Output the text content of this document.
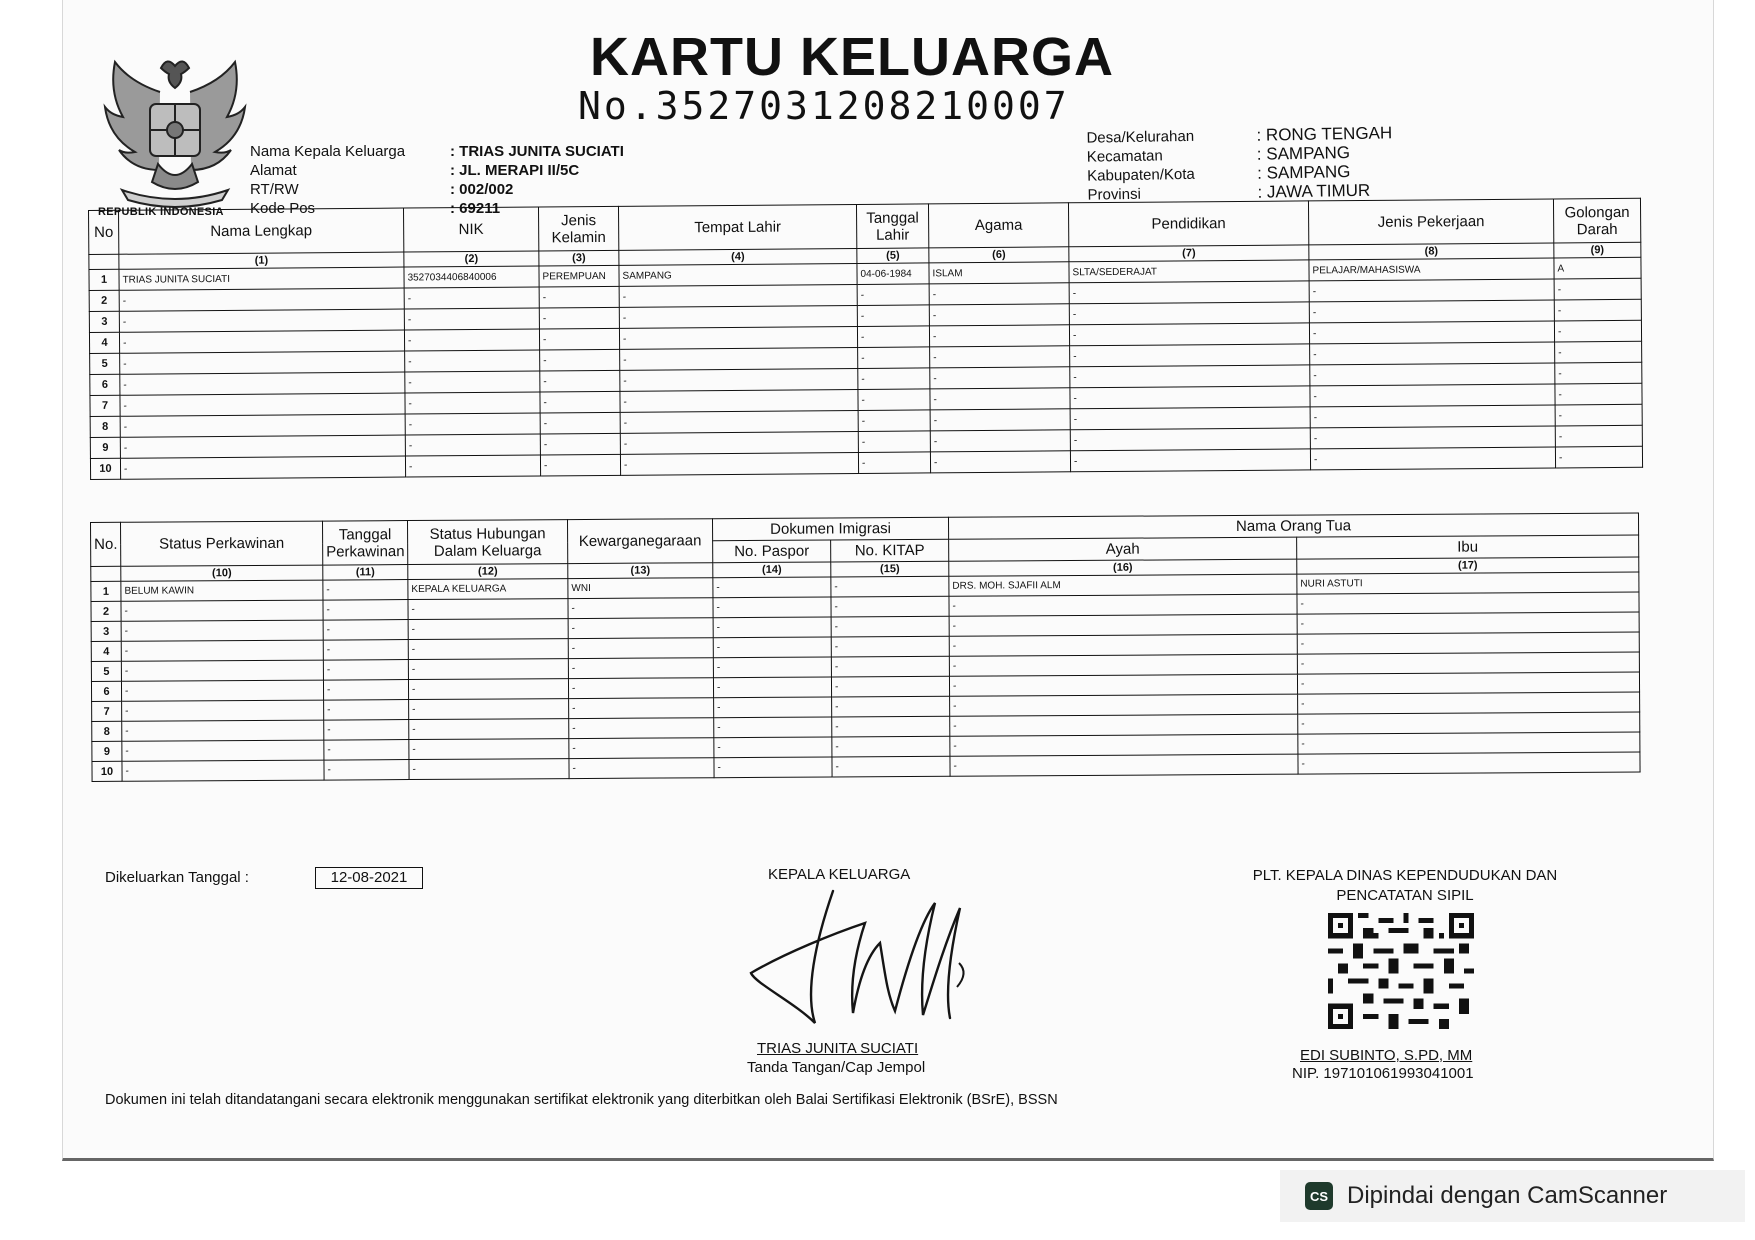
REPUBLIK INDONESIA
KARTU KELUARGA
No.3527031208210007
Nama Kepala Keluarga	: TRIAS JUNITA SUCIATI
Alamat	: JL. MERAPI II/5C
RT/RW	: 002/002
Kode Pos	: 69211
Desa/Kelurahan	: RONG TENGAH
Kecamatan	: SAMPANG
Kabupaten/Kota	: SAMPANG
Provinsi	: JAWA TIMUR
No	Nama Lengkap	NIK	Jenis Kelamin	Tempat Lahir	Tanggal Lahir	Agama	Pendidikan	Jenis Pekerjaan	Golongan Darah
	(1)	(2)	(3)	(4)	(5)	(6)	(7)	(8)	(9)
1	TRIAS JUNITA SUCIATI	3527034406840006	PEREMPUAN	SAMPANG	04-06-1984	ISLAM	SLTA/SEDERAJAT	PELAJAR/MAHASISWA	A
2	-	-	-	-	-	-	-	-	-
3	-	-	-	-	-	-	-	-	-
4	-	-	-	-	-	-	-	-	-
5	-	-	-	-	-	-	-	-	-
6	-	-	-	-	-	-	-	-	-
7	-	-	-	-	-	-	-	-	-
8	-	-	-	-	-	-	-	-	-
9	-	-	-	-	-	-	-	-	-
10	-	-	-	-	-	-	-	-	-
No.	Status Perkawinan	Tanggal Perkawinan	Status Hubungan Dalam Keluarga	Kewarganegaraan	Dokumen Imigrasi		Nama Orang Tua	
					No. Paspor	No. KITAP	Ayah	Ibu
	(10)	(11)	(12)	(13)	(14)	(15)	(16)	(17)
1	BELUM KAWIN	-	KEPALA KELUARGA	WNI	-	-	DRS. MOH. SJAFII ALM	NURI ASTUTI
2	-	-	-	-	-	-	-	-
3	-	-	-	-	-	-	-	-
4	-	-	-	-	-	-	-	-
5	-	-	-	-	-	-	-	-
6	-	-	-	-	-	-	-	-
7	-	-	-	-	-	-	-	-
8	-	-	-	-	-	-	-	-
9	-	-	-	-	-	-	-	-
10	-	-	-	-	-	-	-	-
Dikeluarkan Tanggal :	12-08-2021	KEPALA KELUARGA
TRIAS JUNITA SUCIATI
Tanda Tangan/Cap Jempol
PLT. KEPALA DINAS KEPENDUDUKAN DAN PENCATATAN SIPIL
EDI SUBINTO, S.PD, MM
NIP. 197101061993041001
Dokumen ini telah ditandatangani secara elektronik menggunakan sertifikat elektronik yang diterbitkan oleh Balai Sertifikasi Elektronik (BSrE), BSSN
CS Dipindai dengan CamScanner
